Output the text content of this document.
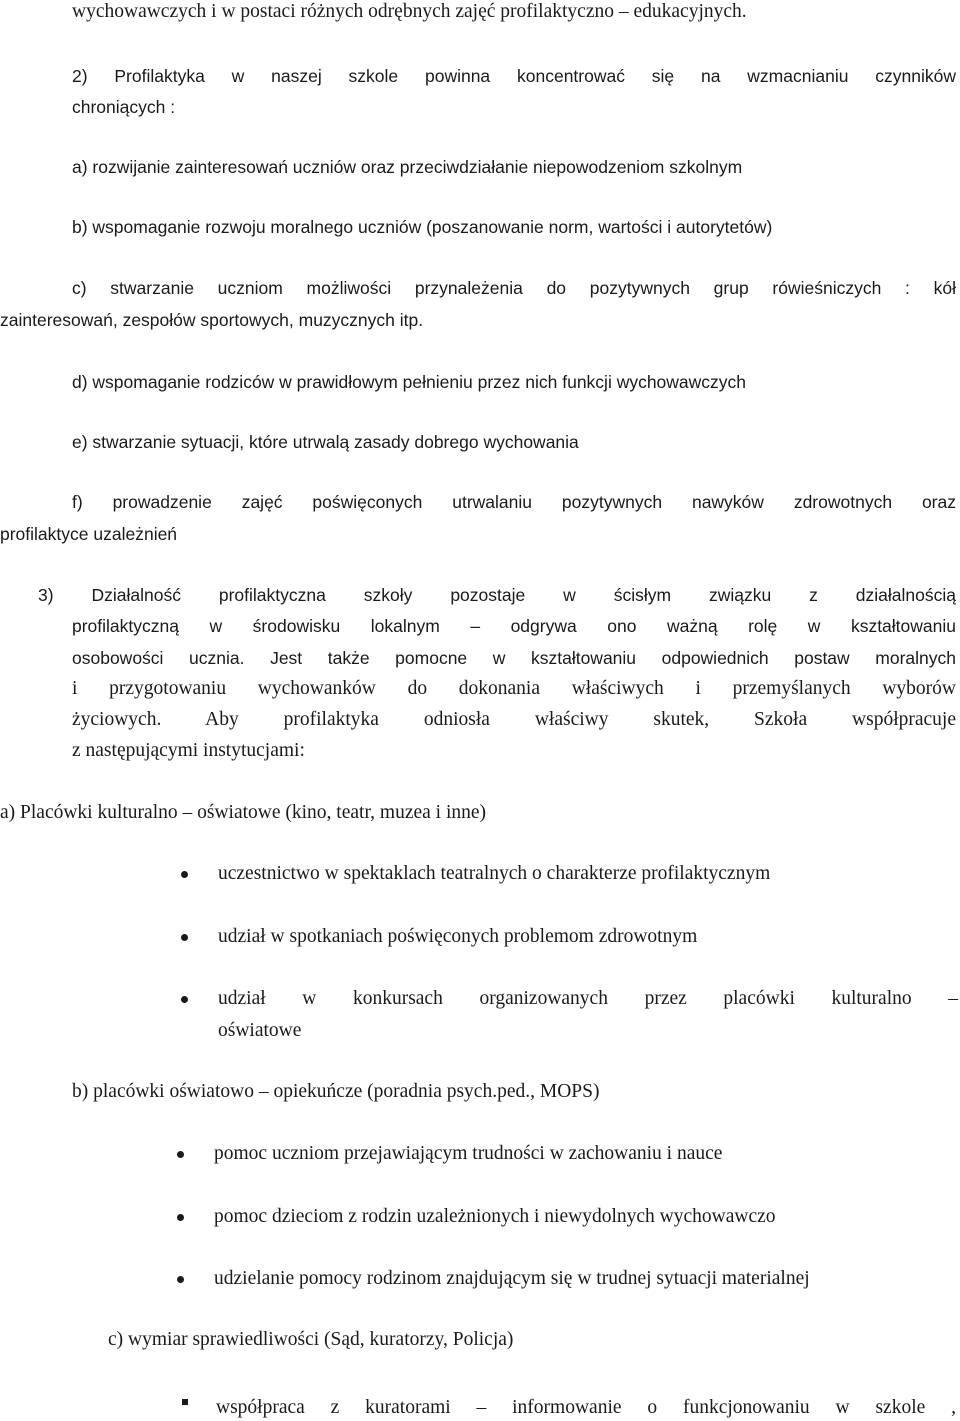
wychowawczych i w postaci różnych odrębnych zajęć profilaktyczno – edukacyjnych.

2) Profilaktyka w naszej szkole powinna koncentrować się na wzmacnianiu czynników

chroniących :

a) rozwijanie zainteresowań uczniów oraz przeciwdziałanie niepowodzeniom szkolnym

b) wspomaganie rozwoju moralnego uczniów (poszanowanie norm, wartości i autorytetów)

c) stwarzanie uczniom możliwości przynależenia do pozytywnych grup rówieśniczych : kół

zainteresowań, zespołów sportowych, muzycznych itp.

d) wspomaganie rodziców w prawidłowym pełnieniu przez nich funkcji wychowawczych

e) stwarzanie sytuacji, które utrwalą zasady dobrego wychowania

f) prowadzenie zajęć poświęconych utrwalaniu pozytywnych nawyków zdrowotnych oraz

profilaktyce uzależnień

3) Działalność profilaktyczna szkoły pozostaje w ścisłym związku z działalnością

profilaktyczną w środowisku lokalnym – odgrywa ono ważną rolę w kształtowaniu

osobowości ucznia. Jest także pomocne w kształtowaniu odpowiednich postaw moralnych

i przygotowaniu wychowanków do dokonania właściwych i przemyślanych wyborów

życiowych. Aby profilaktyka odniosła właściwy skutek, Szkoła współpracuje

z następującymi instytucjami:

a) Placówki kulturalno – oświatowe (kino, teatr, muzea i inne)

uczestnictwo w spektaklach teatralnych o charakterze profilaktycznym

udział w spotkaniach poświęconych problemom zdrowotnym

udział w konkursach organizowanych przez placówki kulturalno –

oświatowe

b) placówki oświatowo – opiekuńcze (poradnia psych.ped., MOPS)

pomoc uczniom przejawiającym trudności w zachowaniu i nauce

pomoc dzieciom z rodzin uzależnionych i niewydolnych wychowawczo

udzielanie pomocy rodzinom znajdującym się w trudnej sytuacji materialnej

c) wymiar sprawiedliwości (Sąd, kuratorzy, Policja)

współpraca z kuratorami – informowanie o funkcjonowaniu w szkole ,
